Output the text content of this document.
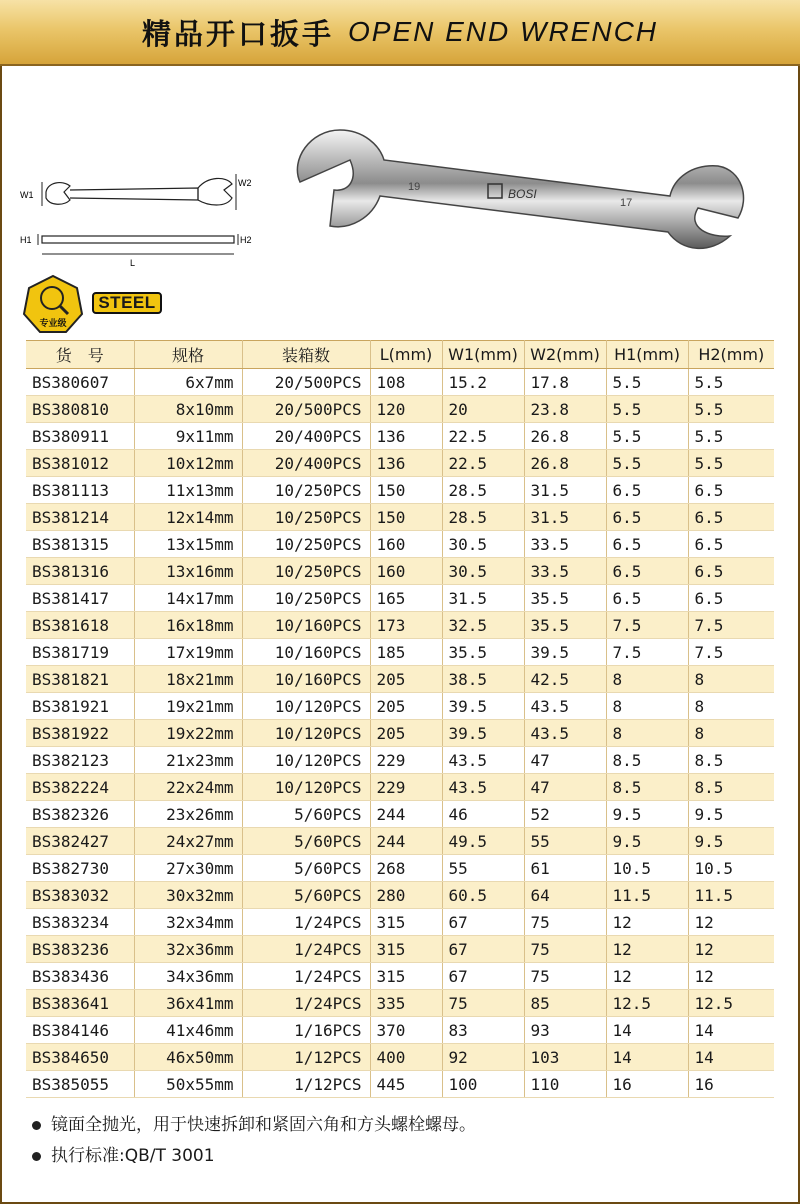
精品开口扳手 OPEN END WRENCH
W1
W2
H1	H2
L
19	BOSI
17
专业级
STEEL
货　号	规格	装箱数	L(mm)	W1(mm)	W2(mm)	H1(mm)	H2(mm)
BS380607	6x7mm	20/500PCS	108	15.2	17.8	5.5	5.5
BS380810	8x10mm	20/500PCS	120	20	23.8	5.5	5.5
BS380911	9x11mm	20/400PCS	136	22.5	26.8	5.5	5.5
BS381012	10x12mm	20/400PCS	136	22.5	26.8	5.5	5.5
BS381113	11x13mm	10/250PCS	150	28.5	31.5	6.5	6.5
BS381214	12x14mm	10/250PCS	150	28.5	31.5	6.5	6.5
BS381315	13x15mm	10/250PCS	160	30.5	33.5	6.5	6.5
BS381316	13x16mm	10/250PCS	160	30.5	33.5	6.5	6.5
BS381417	14x17mm	10/250PCS	165	31.5	35.5	6.5	6.5
BS381618	16x18mm	10/160PCS	173	32.5	35.5	7.5	7.5
BS381719	17x19mm	10/160PCS	185	35.5	39.5	7.5	7.5
BS381821	18x21mm	10/160PCS	205	38.5	42.5	8	8
BS381921	19x21mm	10/120PCS	205	39.5	43.5	8	8
BS381922	19x22mm	10/120PCS	205	39.5	43.5	8	8
BS382123	21x23mm	10/120PCS	229	43.5	47	8.5	8.5
BS382224	22x24mm	10/120PCS	229	43.5	47	8.5	8.5
BS382326	23x26mm	5/60PCS	244	46	52	9.5	9.5
BS382427	24x27mm	5/60PCS	244	49.5	55	9.5	9.5
BS382730	27x30mm	5/60PCS	268	55	61	10.5	10.5
BS383032	30x32mm	5/60PCS	280	60.5	64	11.5	11.5
BS383234	32x34mm	1/24PCS	315	67	75	12	12
BS383236	32x36mm	1/24PCS	315	67	75	12	12
BS383436	34x36mm	1/24PCS	315	67	75	12	12
BS383641	36x41mm	1/24PCS	335	75	85	12.5	12.5
BS384146	41x46mm	1/16PCS	370	83	93	14	14
BS384650	46x50mm	1/12PCS	400	92	103	14	14
BS385055	50x55mm	1/12PCS	445	100	110	16	16
镜面全抛光，用于快速拆卸和紧固六角和方头螺栓螺母。
执行标准:QB/T 3001
